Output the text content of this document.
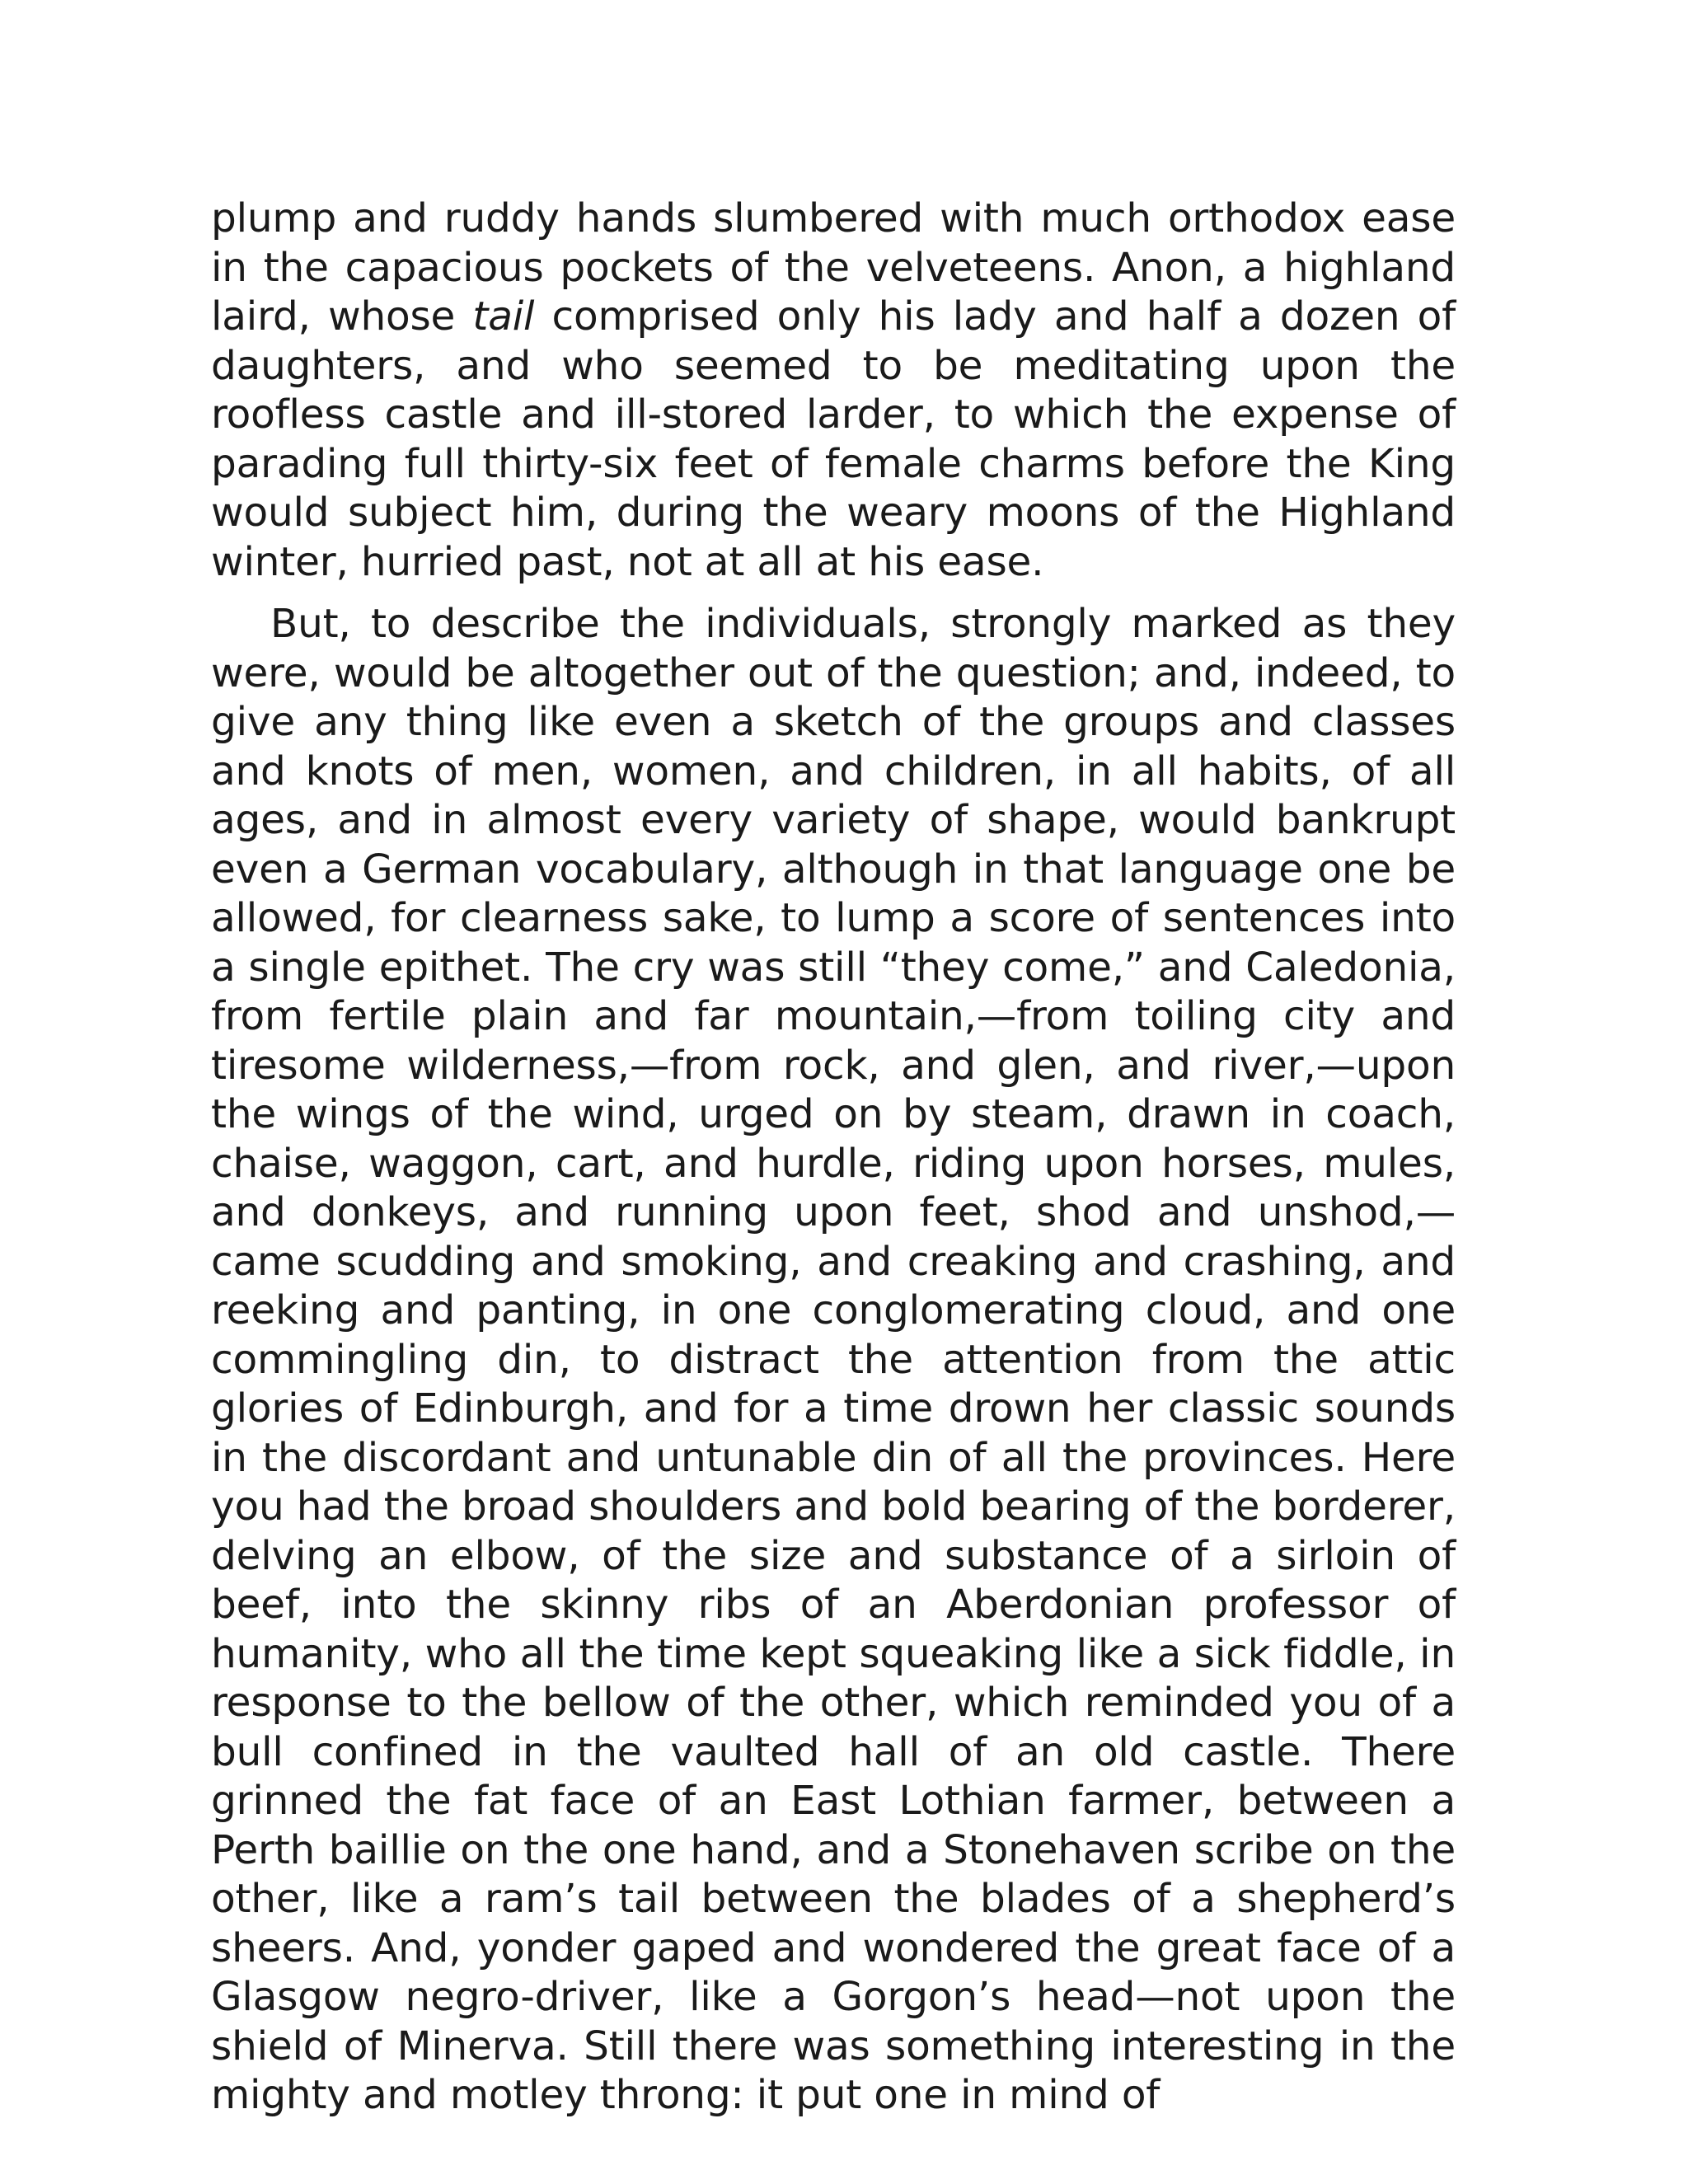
plump and ruddy hands slumbered with much orthodox ease in the capacious pockets of the velveteens. Anon, a highland laird, whose tail comprised only his lady and half a dozen of daughters, and who seemed to be meditating upon the roofless castle and ill-stored larder, to which the expense of parading full thirty-six feet of female charms before the King would subject him, during the weary moons of the Highland winter, hurried past, not at all at his ease.

But, to describe the individuals, strongly marked as they were, would be altogether out of the question; and, indeed, to give any thing like even a sketch of the groups and classes and knots of men, women, and children, in all habits, of all ages, and in almost every variety of shape, would bankrupt even a German vocabulary, although in that language one be allowed, for clearness sake, to lump a score of sentences into a single epithet. The cry was still “they come,” and Caledonia, from fertile plain and far mountain,—from toiling city and tiresome wilderness,—from rock, and glen, and river,—upon the wings of the wind, urged on by steam, drawn in coach, chaise, waggon, cart, and hurdle, riding upon horses, mules, and donkeys, and running upon feet, shod and unshod,—came scudding and smoking, and creaking and crashing, and reeking and panting, in one conglomerating cloud, and one commingling din, to distract the attention from the attic glories of Edinburgh, and for a time drown her classic sounds in the discordant and untunable din of all the provinces. Here you had the broad shoulders and bold bearing of the borderer, delving an elbow, of the size and substance of a sirloin of beef, into the skinny ribs of an Aberdonian professor of humanity, who all the time kept squeaking like a sick fiddle, in response to the bellow of the other, which reminded you of a bull confined in the vaulted hall of an old castle. There grinned the fat face of an East Lothian farmer, between a Perth baillie on the one hand, and a Stonehaven scribe on the other, like a ram’s tail between the blades of a shepherd’s sheers. And, yonder gaped and wondered the great face of a Glasgow negro-driver, like a Gorgon’s head—not upon the shield of Minerva. Still there was something interesting in the mighty and motley throng: it put one in mind of
